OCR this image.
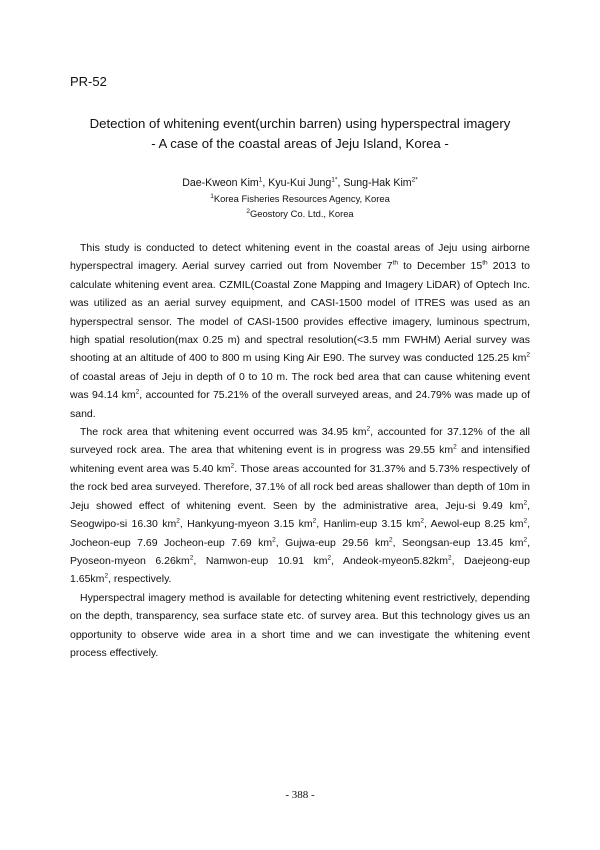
PR-52
Detection of whitening event(urchin barren) using hyperspectral imagery
- A case of the coastal areas of Jeju Island, Korea -
Dae-Kweon Kim$^1$, Kyu-Kui Jung$^{1*}$, Sung-Hak Kim$^{2*}$
$^1$Korea Fisheries Resources Agency, Korea
$^2$Geostory Co. Ltd., Korea

This study is conducted to detect whitening event in the coastal areas of Jeju using airborne hyperspectral imagery. Aerial survey carried out from November 7th to December 15th 2013 to calculate whitening event area. CZMIL(Coastal Zone Mapping and Imagery LiDAR) of Optech Inc. was utilized as an aerial survey equipment, and CASI-1500 model of ITRES was used as an hyperspectral sensor. The model of CASI-1500 provides effective imagery, luminous spectrum, high spatial resolution(max 0.25 m) and spectral resolution(<3.5 mm FWHM) Aerial survey was shooting at an altitude of 400 to 800 m using King Air E90. The survey was conducted 125.25 $km^2$ of coastal areas of Jeju in depth of 0 to 10 m. The rock bed area that can cause whitening event was 94.14 $km^2$, accounted for 75.21% of the overall surveyed areas, and 24.79% was made up of sand.

The rock area that whitening event occurred was 34.95 $km^2$, accounted for 37.12% of the all surveyed rock area. The area that whitening event is in progress was 29.55 $km^2$ and intensified whitening event area was 5.40 $km^2$. Those areas accounted for 31.37% and 5.73% respectively of the rock bed area surveyed. Therefore, 37.1% of all rock bed areas shallower than depth of 10m in Jeju showed effect of whitening event. Seen by the administrative area, Jeju-si 9.49 $km^2$, Seogwipo-si 16.30 $km^2$, Hankyung-myeon 3.15 $km^2$, Hanlim-eup 3.15 $km^2$, Aewol-eup 8.25 $km^2$, Jocheon-eup 7.69 Jocheon-eup 7.69 $km^2$, Gujwa-eup 29.56 $km^2$, Seongsan-eup 13.45 $km^2$, Pyoseon-myeon $6.26km^2$, Namwon-eup 10.91 $km^2$, Andeok-$myeon5.82km^2$, Daejeong-eup $1.65km^2$, respectively.

Hyperspectral imagery method is available for detecting whitening event restrictively, depending on the depth, transparency, sea surface state etc. of survey area. But this technology gives us an opportunity to observe wide area in a short time and we can investigate the whitening event process effectively.

- 388 -
